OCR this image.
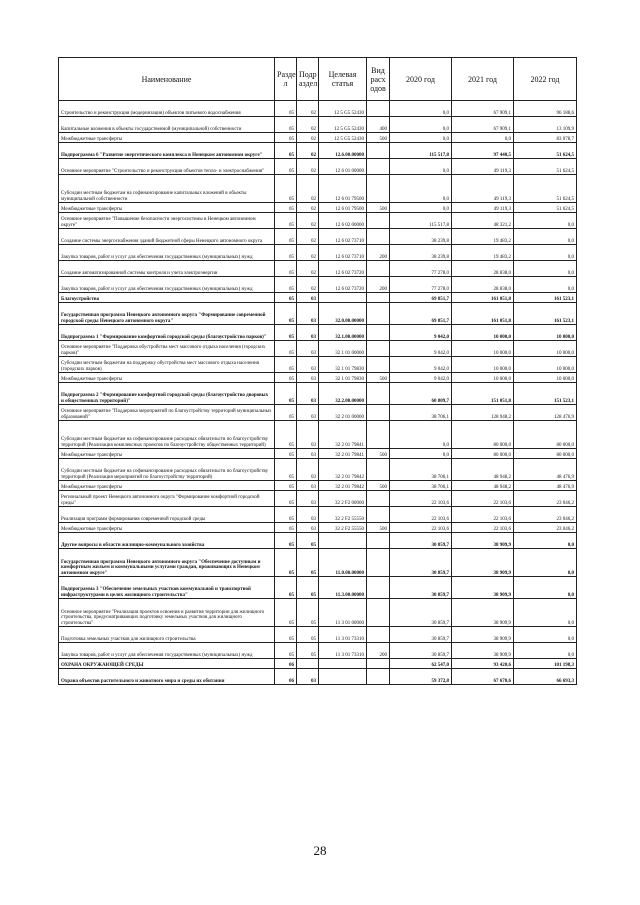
Наименование	Разде л	Подр аздел	Целевая статья	Вид расх одов	2020 год	2021 год	2022 год
Строительство и реконструкция (модернизация) объектов питьевого водоснабжения	05	02	12 5 G5 52430		0,0	67 909,1	96 188,6
Капитальные вложения в объекты государственной (муниципальной) собственности	05	02	12 5 G5 52430	400	0,0	67 909,1	13 109,9
Межбюджетные трансферты	05	02	12 5 G5 52430	500	0,0	0,0	83 078,7
Подпрограмма 6 "Развитие энергетического комплекса в Ненецком автономном округе"	05	02	12.6.00.00000		115 517,8	97 440,5	51 624,5
Основное мероприятие "Строительство и реконструкция объектов тепло- и электроснабжения"	05	02	12 6 01 00000		0,0	49 119,3	51 624,5
Субсидии местным бюджетам на софинансирование капитальных вложений в объекты муниципальной собственности	05	02	12 6 01 79500		0,0	49 119,3	51 624,5
Межбюджетные трансферты	05	02	12 6 01 79500	500	0,0	49 119,3	51 624,5
Основное мероприятие "Повышение безопасности энергосистемы в Ненецком автономном округе"	05	02	12 6 02 00000		115 517,8	48 321,2	0,0
Создание системы энергоснабжения зданий бюджетной сферы Ненецкого автономного округа	05	02	12 6 02 73710		38 239,8	19 483,2	0,0
Закупка товаров, работ и услуг для обеспечения государственных (муниципальных) нужд	05	02	12 6 02 73710	200	38 239,8	19 483,2	0,0
Создание автоматизированной системы контроля и учета электроэнергии	05	02	12 6 02 73720		77 278,0	28 838,0	0,0
Закупка товаров, работ и услуг для обеспечения государственных (муниципальных) нужд	05	02	12 6 02 73720	200	77 278,0	28 838,0	0,0
Благоустройство	05	03			69 851,7	161 051,8	161 523,1
Государственная программа Ненецкого автономного округа "Формирование современной городской среды Ненецкого автономного округа"	05	03	32.0.00.00000		69 851,7	161 051,8	161 523,1
Подпрограмма 1 "Формирование комфортной городской среды (благоустройство парков)"	05	03	32.1.00.00000		9 042,0	10 000,0	10 000,0
Основное мероприятие "Поддержка обустройства мест массового отдыха населения (городских парков)"	05	03	32 1 01 00000		9 042,0	10 000,0	10 000,0
Субсидии местным бюджетам на поддержку обустройства мест массового отдыха населения (городских парков)	05	03	32 1 01 79830		9 042,0	10 000,0	10 000,0
Межбюджетные трансферты	05	03	32 1 01 79830	500	9 042,0	10 000,0	10 000,0
Подпрограмма 2 "Формирование комфортной городской среды (благоустройство дворовых и общественных территорий)"	05	03	32.2.00.00000		60 809,7	151 051,8	151 523,1
Основное мероприятие "Поддержка мероприятий по благоустройству территорий муниципальных образований"	05	03	32 2 01 00000		38 706,1	128 948,2	128 476,9
Субсидии местным бюджетам на софинансирование расходных обязательств по благоустройству территорий (Реализация комплексных проектов по благоустройству общественных территорий)	05	03	32 2 01 79841		0,0	80 000,0	80 000,0
Межбюджетные трансферты	05	03	32 2 01 79841	500	0,0	80 000,0	80 000,0
Субсидии местным бюджетам на софинансирование расходных обязательств по благоустройству территорий (Реализация мероприятий по благоустройству территорий)	05	03	32 2 01 79842		38 706,1	48 948,2	48 476,9
Межбюджетные трансферты	05	03	32 2 01 79842	500	38 706,1	48 948,2	48 476,9
Региональный проект Ненецкого автономного округа "Формирование комфортной городской среды"	05	03	32 2 F2 00000		22 103,6	22 103,6	23 046,2
Реализация программ формирования современной городской среды	05	03	32 2 F2 55550		22 103,6	22 103,6	23 046,2
Межбюджетные трансферты	05	03	32 2 F2 55550	500	22 103,6	22 103,6	23 046,2
Другие вопросы в области жилищно-коммунального хозяйства	05	05			30 859,7	38 909,9	0,0
Государственная программа Ненецкого автономного округа "Обеспечение доступным и комфортным жильем и коммунальными услугами граждан, проживающих в Ненецком автономном округе"	05	05	11.0.00.00000		30 859,7	38 909,9	0,0
Подпрограмма 3 "Обеспечение земельных участков коммунальной и транспортной инфраструктурами в целях жилищного строительства"	05	05	11.3.00.00000		30 859,7	38 909,9	0,0
Основное мероприятие "Реализация проектов освоения и развития территории для жилищного строительства, предусматривающих подготовку земельных участков для жилищного строительства"	05	05	11 3 01 00000		30 859,7	38 909,9	0,0
Подготовка земельных участков для жилищного строительства	05	05	11 3 01 73310		30 859,7	38 909,9	0,0
Закупка товаров, работ и услуг для обеспечения государственных (муниципальных) нужд	05	05	11 3 01 73310	200	30 859,7	38 909,9	0,0
ОХРАНА ОКРУЖАЮЩЕЙ СРЕДЫ	06				62 547,0	93 420,6	101 198,3
Охрана объектов растительного и животного мира и среды их обитания	06	03			59 372,8	67 670,6	66 693,3
28
